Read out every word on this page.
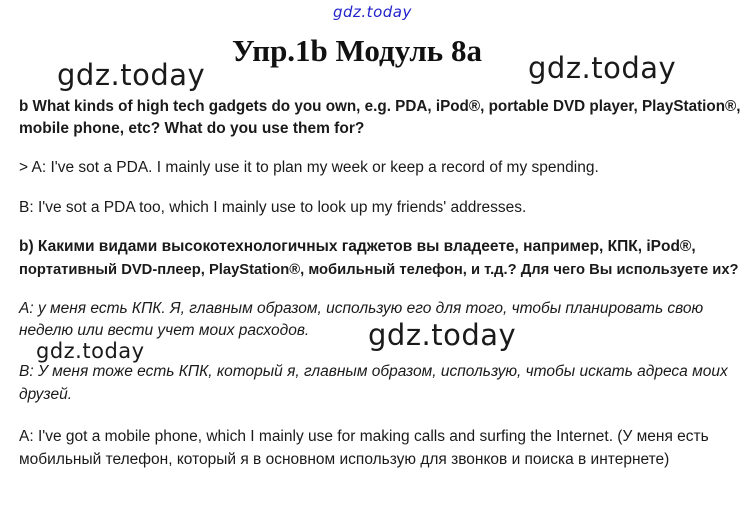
gdz.today
Упр.1b Модуль 8a
gdz.today	gdz.today
b What kinds of high tech gadgets do you own, e.g. PDA, iPod®, portable DVD player, PlayStation®,
mobile phone, etc? What do you use them for?
> A: I've sot a PDA. I mainly use it to plan my week or keep a record of my spending.
B: I've sot a PDA too, which I mainly use to look up my friends' addresses.
b) Какими видами высокотехнологичных гаджетов вы владеете, например, КПК, iPod®,
портативный DVD-плеер, PlayStation®, мобильный телефон, и т.д.? Для чего Вы используете их?
A: у меня есть КПК. Я, главным образом, использую его для того, чтобы планировать свою
неделю или вести учет моих расходов. gdz.today
gdz.today
B: У меня тоже есть КПК, который я, главным образом, использую, чтобы искать адреса моих
друзей.
A: I've got a mobile phone, which I mainly use for making calls and surfing the Internet. (У меня есть
мобильный телефон, который я в основном использую для звонков и поиска в интернете)
